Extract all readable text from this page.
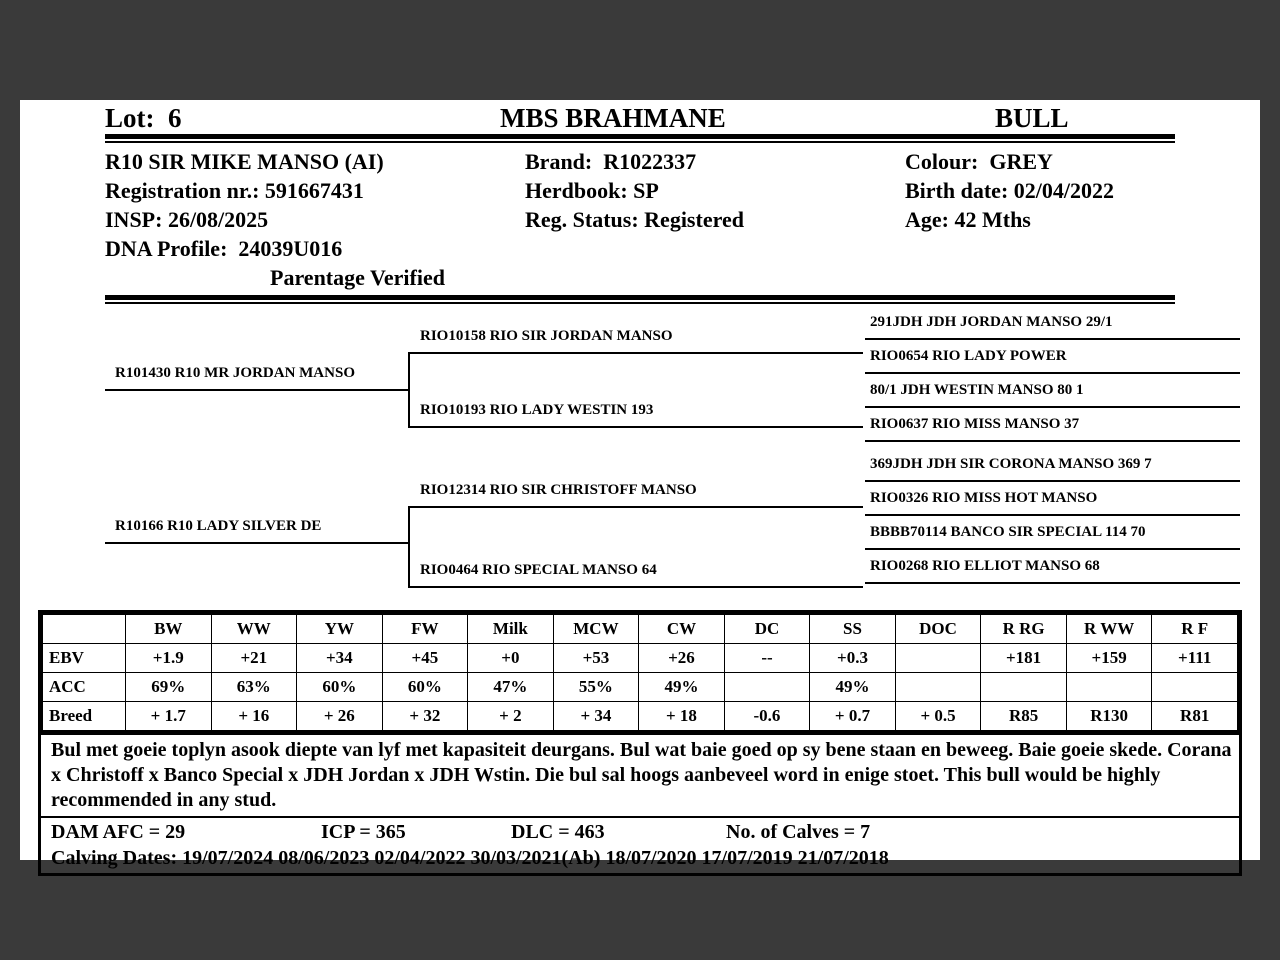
Lot:  6	MBS BRAHMANE	BULL
R10 SIR MIKE MANSO (AI)	Brand:  R1022337	Colour:  GREY
Registration nr.: 591667431	Herdbook: SP	Birth date: 02/04/2022
INSP: 26/08/2025	Reg. Status: Registered	Age: 42 Mths
DNA Profile:  24039U016
Parentage Verified
291JDH JDH JORDAN MANSO 29/1
RIO0654 RIO LADY POWER
80/1 JDH WESTIN MANSO 80 1
RIO0637 RIO MISS MANSO 37
369JDH JDH SIR CORONA MANSO 369 7
RIO0326 RIO MISS HOT MANSO
BBBB70114 BANCO SIR SPECIAL 114 70
RIO0268 RIO ELLIOT MANSO 68
RIO10158 RIO SIR JORDAN MANSO
RIO10193 RIO LADY WESTIN 193
RIO12314 RIO SIR CHRISTOFF MANSO
RIO0464 RIO SPECIAL MANSO 64
R101430 R10 MR JORDAN MANSO
R10166 R10 LADY SILVER DE
	BW	WW	YW	FW	Milk	MCW	CW	DC	SS	DOC	R RG	R WW	R F
EBV	+1.9	+21	+34	+45	+0	+53	+26	--	+0.3		+181	+159	+111
ACC	69%	63%	60%	60%	47%	55%	49%		49%				
Breed	+ 1.7	+ 16	+ 26	+ 32	+ 2	+ 34	+ 18	-0.6	+ 0.7	+ 0.5	R85	R130	R81
Bul met goeie toplyn asook diepte van lyf met kapasiteit deurgans. Bul wat baie goed op sy bene staan en beweeg. Baie goeie skede. Corana x Christoff x Banco Special x JDH Jordan x JDH Wstin. Die bul sal hoogs aanbeveel word in enige stoet. This bull would be highly recommended in any stud.
DAM AFC = 29	ICP = 365	DLC = 463	No. of Calves = 7
Calving Dates: 19/07/2024 08/06/2023 02/04/2022 30/03/2021(Ab) 18/07/2020 17/07/2019 21/07/2018
